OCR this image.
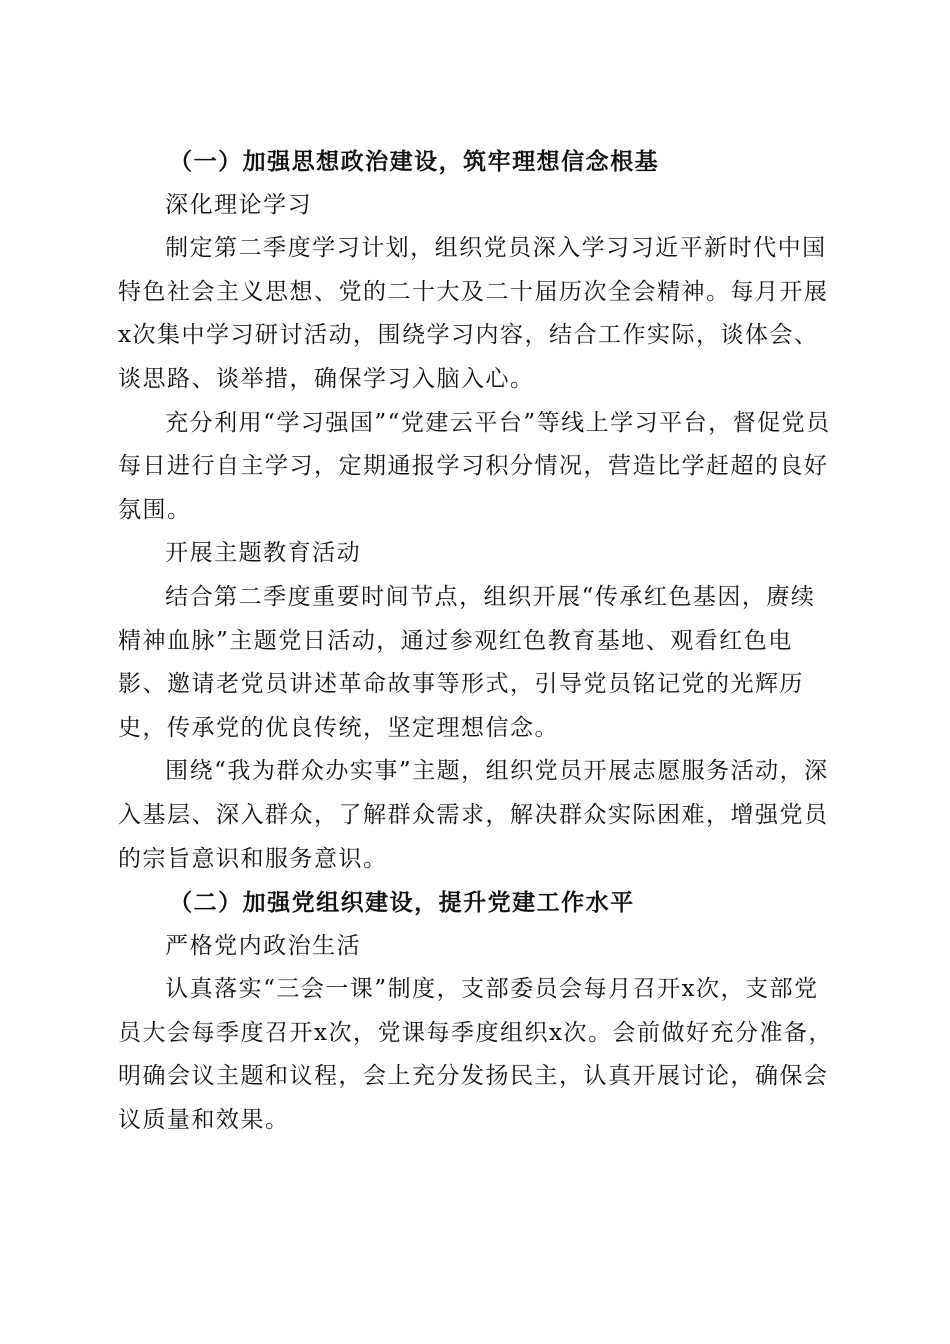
（一）加强思想政治建设，筑牢理想信念根基

深化理论学习

制定第二季度学习计划，组织党员深入学习习近平新时代中国特色社会主义思想、党的二十大及二十届历次全会精神。每月开展x次集中学习研讨活动，围绕学习内容，结合工作实际，谈体会、谈思路、谈举措，确保学习入脑入心。

充分利用“学习强国”“党建云平台”等线上学习平台，督促党员每日进行自主学习，定期通报学习积分情况，营造比学赶超的良好氛围。

开展主题教育活动

结合第二季度重要时间节点，组织开展“传承红色基因，赓续精神血脉”主题党日活动，通过参观红色教育基地、观看红色电影、邀请老党员讲述革命故事等形式，引导党员铭记党的光辉历史，传承党的优良传统，坚定理想信念。

围绕“我为群众办实事”主题，组织党员开展志愿服务活动，深入基层、深入群众，了解群众需求，解决群众实际困难，增强党员的宗旨意识和服务意识。

（二）加强党组织建设，提升党建工作水平

严格党内政治生活

认真落实“三会一课”制度，支部委员会每月召开x次，支部党员大会每季度召开x次，党课每季度组织x次。会前做好充分准备，明确会议主题和议程，会上充分发扬民主，认真开展讨论，确保会议质量和效果。
